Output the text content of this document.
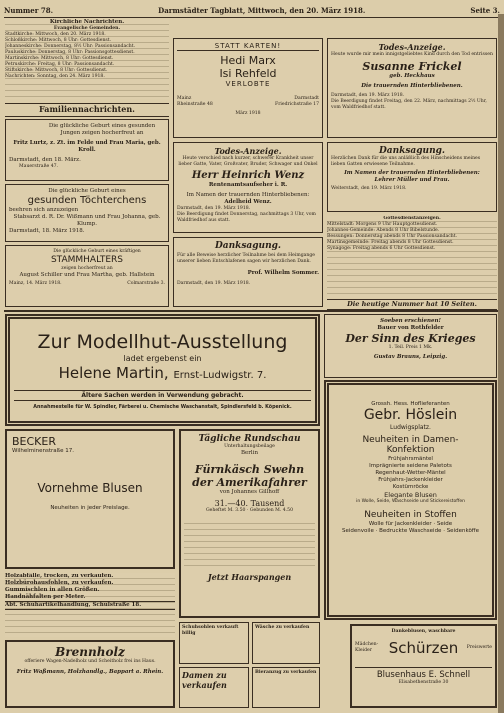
Nummer 78.	Darmstädter Tagblatt, Mittwoch, den 20. März 1918.	Seite 3.

Kirchliche Nachrichten.

Evangelische Gemeinden.

Stadtkirche: Mittwoch, den 20. März 1918.

Schloßkirche: Mittwoch, 8 Uhr: Gottesdienst.

Johanneskirche: Donnerstag, 8½ Uhr: Passionsandacht.

Pauluskirche: Donnerstag, 8 Uhr: Passionsgottesdienst.

Martinskirche: Mittwoch, 8 Uhr: Gottesdienst.

Petruskirche: Freitag, 8 Uhr: Passionsandacht.

Stiftskirche: Mittwoch, 8 Uhr: Gottesdienst.

Nachrichten: Sonntag, den 24. März 1918.

Familiennachrichten.

Die glückliche Geburt eines gesunden Jungen zeigen hocherfreut an

Fritz Lurtz, z. Zt. im Felde und Frau Maria, geb. Kroll.

Darmstadt, den 18. März.

Mauerstraße 47.

Die glückliche Geburt eines

gesunden Töchterchens

beehren sich anzuzeigen

Stabsarzt d. R. Dr. Wißmann und Frau Johanna, geb. Klump.

Darmstadt, 18. März 1918.

Die glückliche Geburt eines kräftigen

STAMMHALTERS

zeigen hocherfreut an

August Schiller und Frau Martha, geb. Hallstein

Mainz, 14. März 1918.	Colmarstraße 3.

STATT KARTEN!

Hedi Marx

Isi Rehfeld

VERLOBTE

Mainz
Rheinstraße 48
Darmstadt
Friedrichstraße 17

März 1918

Todes-Anzeige.

Heute verschied nach kurzer, schwerer Krankheit unser lieber Gatte, Vater, Großvater, Bruder, Schwager und Onkel

Herr Heinrich Wenz

Rentenamtsaufseher i. R.

Im Namen der trauernden Hinterbliebenen:

Adelheid Wenz.

Darmstadt, den 19. März 1918.

Die Beerdigung findet Donnerstag, nachmittags 3 Uhr, vom Waldfriedhof aus statt.

Danksagung.

Für alle Beweise herzlicher Teilnahme bei dem Heimgange unserer lieben Entschlafenen sagen wir herzlichen Dank.

Prof. Wilhelm Sommer.

Darmstadt, den 19. März 1918.

Todes-Anzeige.

Heute wurde mir mein innigstgeliebtes Kind durch den Tod entrissen

Susanne Frickel

geb. Heckhaus

Die trauernden Hinterbliebenen.

Darmstadt, den 19. März 1918.

Die Beerdigung findet Freitag, den 22. März, nachmittags 2½ Uhr, vom Waldfriedhof statt.

Danksagung.

Herzlichen Dank für die uns anläßlich des Hinscheidens meines lieben Gatten erwiesene Teilnahme.

Im Namen der trauernden Hinterbliebenen:

Lehrer Müller und Frau.

Weiterstadt, den 19. März 1918.

Gottesdienstanzeigen.

Mittelstadt: Morgens 9 Uhr Hauptgottesdienst.

Johannes-Gemeinde: Abends 8 Uhr Bibelstunde.

Bessungen: Donnerstag abends 8 Uhr Passionsandacht.

Martinsgemeinde: Freitag abends 8 Uhr Gottesdienst.

Synagoge: Freitag abends 6 Uhr Gottesdienst.

Die heutige Nummer hat 10 Seiten.

Zur Modellhut-Ausstellung

ladet ergebenst ein

Helene Martin, Ernst-Ludwigstr. 7.

Ältere Sachen werden in Verwendung gebracht.

Annahmestelle für W. Spindler, Färberei u. Chemische Waschanstalt, Spindlersfeld b. Köpenick.

Soeben erschienen!

Bauer von Rothfelder

Der Sinn des Krieges

1. Teil. Preis 1 Mk.

Gustav Brauns, Leipzig.

Grossh. Hess. Hoflieferanten

Gebr. Höslein

Ludwigsplatz.

Neuheiten in Damen-

Konfektion

Frühjahrsmäntel

Imprägnierte seidene Paletots

Regenhaut-Wetter-Mäntel

Frühjahrs-Jackenkleider

Kostümröcke

Elegante Blusen

in Wolle, Seide, Waschseide und Stickereistoffen

Neuheiten in Stoffen

Wolle für Jackenkleider · Seide

Seidenvoile · Bedruckte Waschseide · Seidenköffe

BECKER

Wilhelminenstraße 17.

Vornehme Blusen

Neuheiten in jeder Preislage.

Tägliche Rundschau

Unterhaltungsbeilage

Berlin

Fürnkäsch Swehn der Amerikafahrer

von Johannes Gillhoff

31.—40. Tausend

Geheftet M. 3.50 · Gebunden M. 4.50

Jetzt Haarspangen

Holzabfälle, trocken, zu verkaufen.

Holzbürohausfohlen, zu verkaufen.

Gummischlen in allen Größen.

Handnähfalten per Meter.

Abt. Schuhartikelhandlung, Schulstraße 18.

Brennholz

offeriere Wagen-Nadelholz und Scheitholz frei ins Haus.

Fritz Waßmann, Holzhandlg., Bappart a. Rhein.

Schuhsohlen verkauft billig

Wäsche zu verkaufen

Damen zu verkaufen

Bieranzug zu verkaufen

Dankeblusen, waschbare

Mädchen-Kleider	Schürzen Preiswerte

Blusenhaus E. Schnell

Elisabethenstraße 30
